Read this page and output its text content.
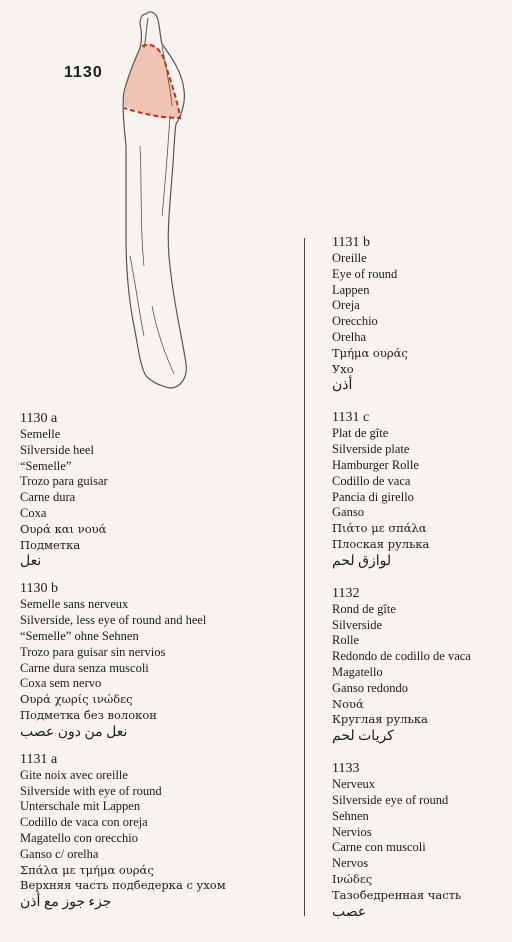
1130
1130 a
Semelle
Silverside heel
“Semelle”
Trozo para guisar
Carne dura
Coxa
Ουρά και νουά
Подметка
نعل
1130 b
Semelle sans nerveux
Silverside, less eye of round and heel
“Semelle” ohne Sehnen
Trozo para guisar sin nervios
Carne dura senza muscoli
Coxa sem nervo
Ουρά χωρίς ινώδες
Подметка без волокон
نعل من دون عصب
1131 a
Gite noix avec oreille
Silverside with eye of round
Unterschale mit Lappen
Codillo de vaca con oreja
Magatello con orecchio
Ganso c/ orelha
Σπάλα με τμήμα ουράς
Верхняя часть подбедерка с ухом
جزء جوز مع أذن
1131 b
Oreille
Eye of round
Lappen
Oreja
Orecchio
Orelha
Τμήμα ουράς
Ухо
أذن
1131 c
Plat de gîte
Silverside plate
Hamburger Rolle
Codillo de vaca
Pancia di girello
Ganso
Πιάτο με σπάλα
Плоская рулька
لوازق لحم
1132
Rond de gîte
Silverside
Rolle
Redondo de codillo de vaca
Magatello
Ganso redondo
Νουά
Круглая рулька
كريات لحم
1133
Nerveux
Silverside eye of round
Sehnen
Nervios
Carne con muscoli
Nervos
Ινώδες
Тазобедренная часть
عصب
